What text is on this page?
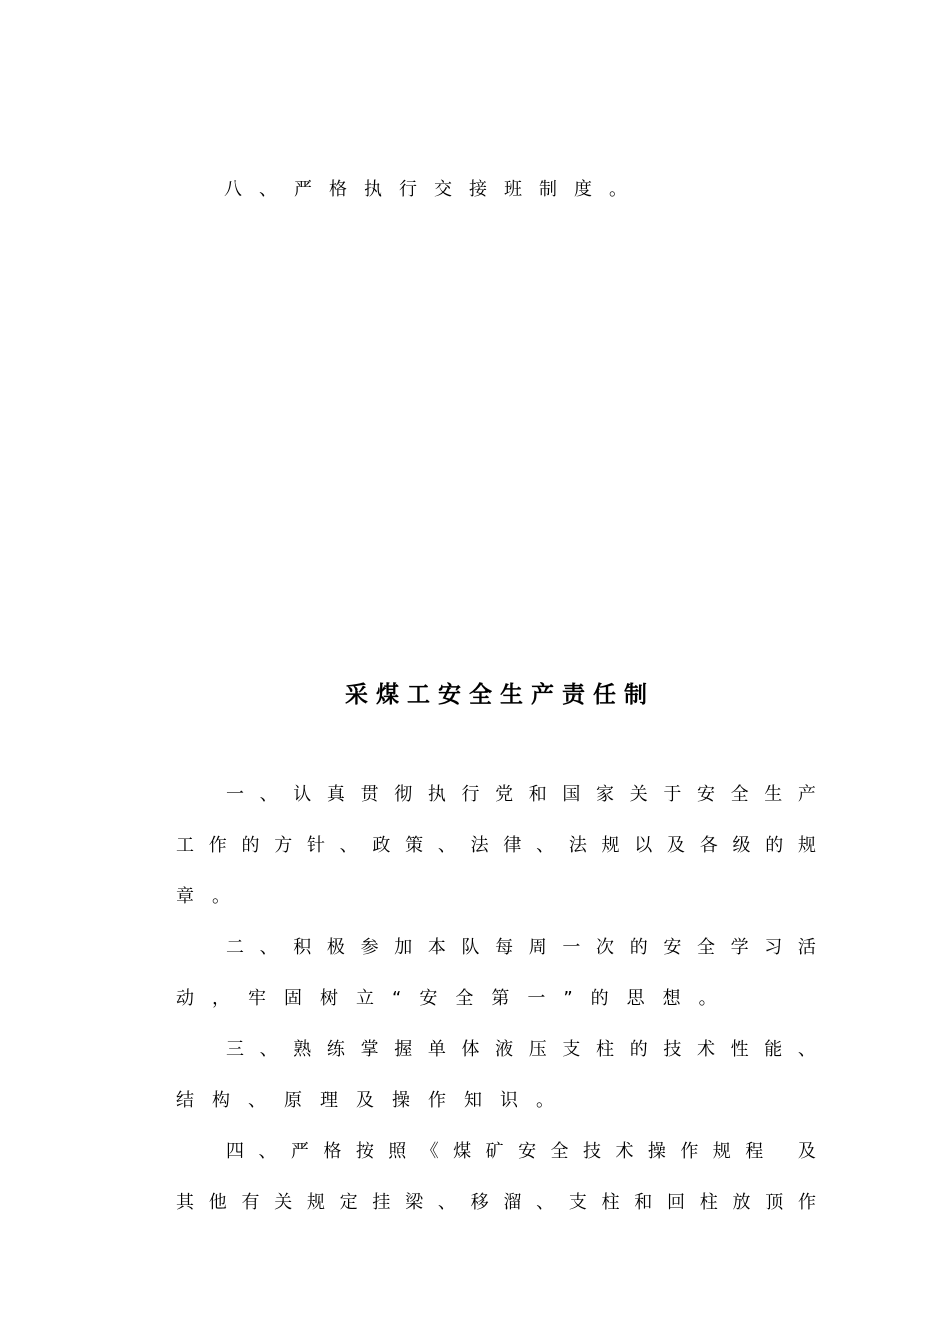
八、严格执行交接班制度。
采煤工安全生产责任制
一 、 认 真 贯 彻 执 行 党 和 国 家 关 于 安 全 生 产
工 作 的 方 针 、 政 策 、 法 律 、 法 规 以 及 各 级 的 规
章 。
二 、 积 极 参 加 本 队 每 周 一 次 的 安 全 学 习 活
动 ， 牢 固 树 立 “ 安 全 第 一 ” 的 思 想 。
三 、 熟 练 掌 握 单 体 液 压 支 柱 的 技 术 性 能 、
结 构 、 原 理 及 操 作 知 识 。
四 、 严 格 按 照 《 煤 矿 安 全 技 术 操 作 规 程
及
其 他 有 关 规 定 挂 梁 、 移 溜 、 支 柱 和 回 柱 放 顶 作
